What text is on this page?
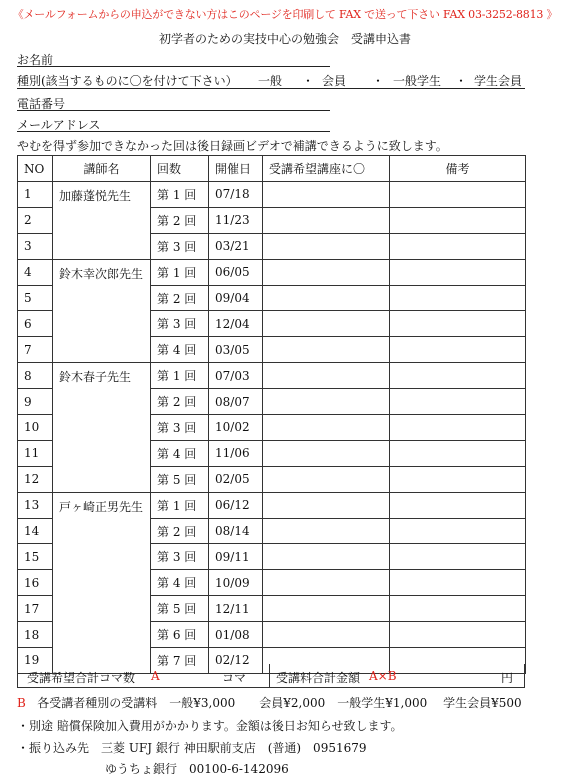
《メールフォームからの申込ができない方はこのページを印刷して FAX で送って下さい FAX 03-3252-8813 》
初学者のための実技中心の勉強会　受講申込書
お名前
種別(該当するものに〇を付けて下さい） 一般 ・ 会員 ・ 一般学生 ・ 学生会員
電話番号
メールアドレス
やむを得ず参加できなかった回は後日録画ビデオで補講できるように致します。
NO	講師名	回数	開催日	受講希望講座に〇	備考
1	加藤蓬悦先生	第 1 回	07/18		
2		第 2 回	11/23		
3		第 3 回	03/21		
4	鈴木幸次郎先生	第 1 回	06/05		
5		第 2 回	09/04		
6		第 3 回	12/04		
7		第 4 回	03/05		
8	鈴木春子先生	第 1 回	07/03		
9		第 2 回	08/07		
10		第 3 回	10/02		
11		第 4 回	11/06		
12		第 5 回	02/05		
13	戸ヶ崎正男先生	第 1 回	06/12		
14		第 2 回	08/14		
15		第 3 回	09/11		
16		第 4 回	10/09		
17		第 5 回	12/11		
18		第 6 回	01/08		
19		第 7 回	02/12		
受講希望合計コマ数 A	コマ 受講料合計金額 A×B	円
B 各受講者種別の受講料　一般¥3,000　　会員¥2,000　一般学生¥1,000　 学生会員¥500
・別途 賠償保険加入費用がかかります。金額は後日お知らせ致します。
・振り込み先　三菱 UFJ 銀行 神田駅前支店　(普通)　0951679
ゆうちょ銀行　00100-6-142096
